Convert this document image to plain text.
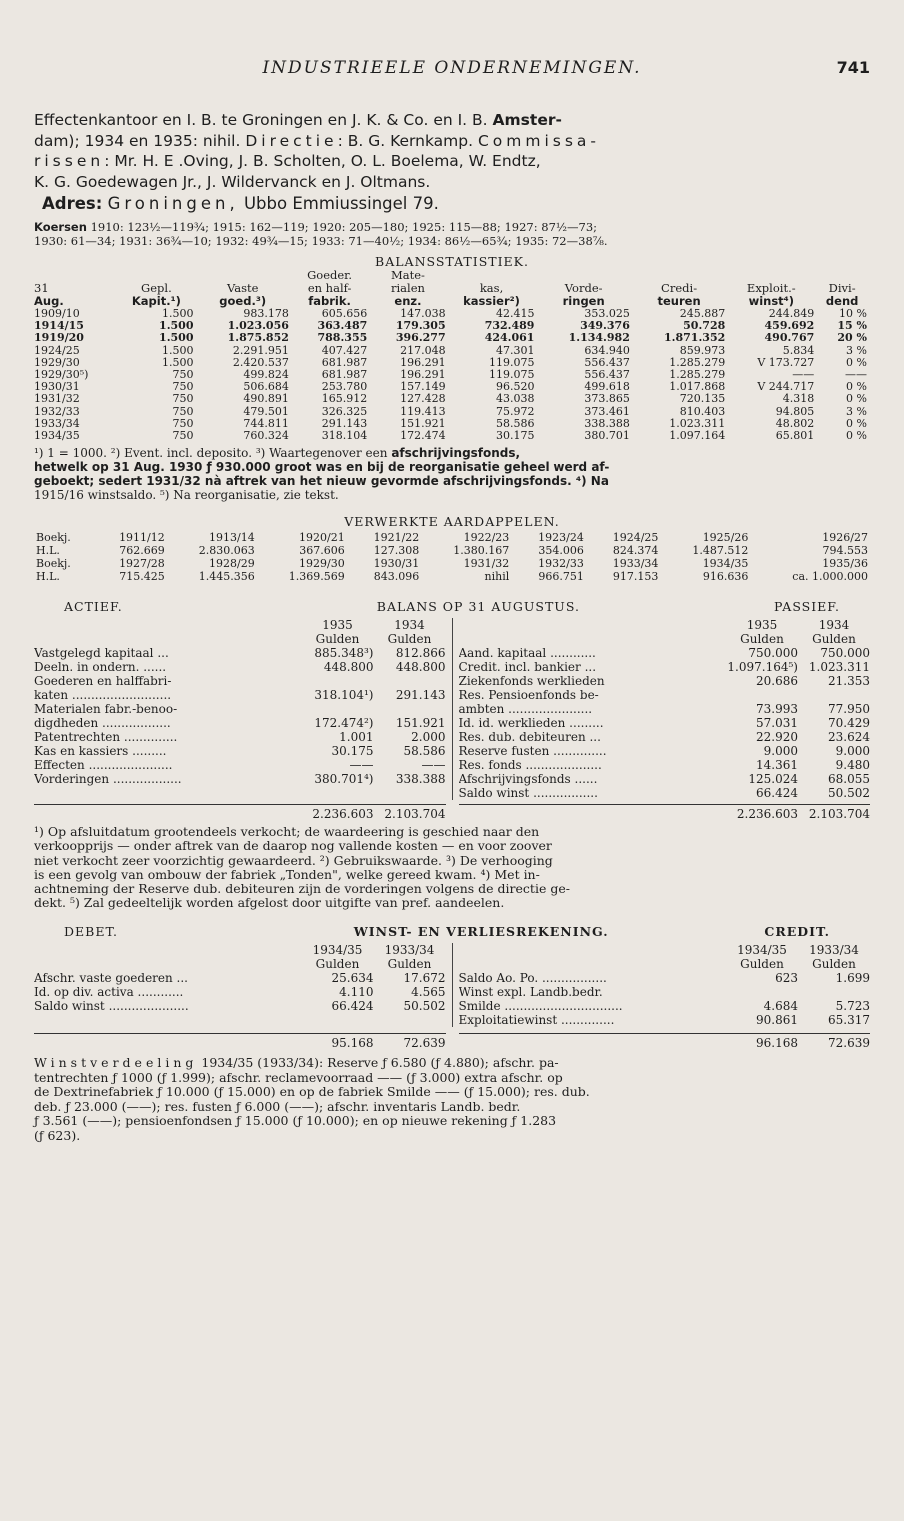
INDUSTRIEELE ONDERNEMINGEN.	741
Effectenkantoor en I. B. te Groningen en J. K. & Co. en I. B. Amster-
dam); 1934 en 1935: nihil. Directie: B. G. Kernkamp. Commissa-
rissen: Mr. H. E .Oving, J. B. Scholten, O. L. Boelema, W. Endtz,
K. G. Goedewagen Jr., J. Wildervanck en J. Oltmans.
Adres: Groningen, Ubbo Emmiussingel 79.
Koersen 1910: 123½—119¾; 1915: 162—119; 1920: 205—180; 1925: 115—88; 1927: 87½—73;
1930: 61—34; 1931: 36¾—10; 1932: 49¾—15; 1933: 71—40½; 1934: 86½—65¾; 1935: 72—38⅞.
BALANSSTATISTIEK.
			Goeder.	Mate-					
31	Gepl.	Vaste	en half-	rialen	kas,	Vorde-	Credi-	Exploit.-	Divi-
Aug.	Kapit.¹)	goed.³)	fabrik.	enz.	kassier²)	ringen	teuren	winst⁴)	dend
1909/10	1.500	983.178	605.656	147.038	42.415	353.025	245.887	244.849	10 %
1914/15	1.500	1.023.056	363.487	179.305	732.489	349.376	50.728	459.692	15 %
1919/20	1.500	1.875.852	788.355	396.277	424.061	1.134.982	1.871.352	490.767	20 %
1924/25	1.500	2.291.951	407.427	217.048	47.301	634.940	859.973	5.834	3 %
1929/30	1.500	2.420.537	681.987	196.291	119.075	556.437	1.285.279	V 173.727	0 %
1929/30⁵)	750	499.824	681.987	196.291	119.075	556.437	1.285.279	——	——
1930/31	750	506.684	253.780	157.149	96.520	499.618	1.017.868	V 244.717	0 %
1931/32	750	490.891	165.912	127.428	43.038	373.865	720.135	4.318	0 %
1932/33	750	479.501	326.325	119.413	75.972	373.461	810.403	94.805	3 %
1933/34	750	744.811	291.143	151.921	58.586	338.388	1.023.311	48.802	0 %
1934/35	750	760.324	318.104	172.474	30.175	380.701	1.097.164	65.801	0 %
¹) 1 = 1000. ²) Event. incl. deposito. ³) Waartegenover een afschrijvingsfonds,
hetwelk op 31 Aug. 1930 ƒ 930.000 groot was en bij de reorganisatie geheel werd af-
geboekt; sedert 1931/32 nà aftrek van het nieuw gevormde afschrijvingsfonds. ⁴) Na
1915/16 winstsaldo. ⁵) Na reorganisatie, zie tekst.
VERWERKTE AARDAPPELEN.
Boekj.	1911/12	1913/14	1920/21	1921/22	1922/23	1923/24	1924/25	1925/26	1926/27
H.L.	762.669	2.830.063	367.606	127.308	1.380.167	354.006	824.374	1.487.512	794.553
Boekj.	1927/28	1928/29	1929/30	1930/31	1931/32	1932/33	1933/34	1934/35	1935/36
H.L.	715.425	1.445.356	1.369.569	843.096	nihil	966.751	917.153	916.636	ca. 1.000.000
ACTIEF.	BALANS OP 31 AUGUSTUS.	PASSIEF.
	1935	1934
	Gulden	Gulden
Vastgelegd kapitaal ...	885.348³)	812.866
Deeln. in ondern. ......	448.800	448.800
Goederen en halffabri-		
katen ..........................	318.104¹)	291.143
Materialen fabr.-benoo-		
digdheden ..................	172.474²)	151.921
Patentrechten ..............	1.001	2.000
Kas en kassiers .........	30.175	58.586
Effecten ......................	——	——
Vorderingen ..................	380.701⁴)	338.388
	1935	1934
	Gulden	Gulden
Aand. kapitaal ............	750.000	750.000
Credit. incl. bankier ...	1.097.164⁵)	1.023.311
Ziekenfonds werklieden	20.686	21.353
Res. Pensioenfonds be-		
ambten ......................	73.993	77.950
Id. id. werklieden .........	57.031	70.429
Res. dub. debiteuren ...	22.920	23.624
Reserve fusten ..............	9.000	9.000
Res. fonds ....................	14.361	9.480
Afschrijvingsfonds ......	125.024	68.055
Saldo winst .................	66.424	50.502
	2.236.603	2.103.704
		2.236.603	2.103.704
¹) Op afsluitdatum grootendeels verkocht; de waardeering is geschied naar den
verkoopprijs — onder aftrek van de daarop nog vallende kosten — en voor zoover
niet verkocht zeer voorzichtig gewaardeerd. ²) Gebruikswaarde. ³) De verhooging
is een gevolg van ombouw der fabriek „Tonden", welke gereed kwam. ⁴) Met in-
achtneming der Reserve dub. debiteuren zijn de vorderingen volgens de directie ge-
dekt. ⁵) Zal gedeeltelijk worden afgelost door uitgifte van pref. aandeelen.
DEBET.	WINST- EN VERLIESREKENING.	CREDIT.
	1934/35	1933/34
	Gulden	Gulden
Afschr. vaste goederen ...	25.634	17.672
Id. op div. activa ............	4.110	4.565
Saldo winst .....................	66.424	50.502
	1934/35	1933/34
	Gulden	Gulden
Saldo Ao. Po. .................	623	1.699
Winst expl. Landb.bedr.		
Smilde ...............................	4.684	5.723
Exploitatiewinst ..............	90.861	65.317
	95.168	72.639
		96.168	72.639
Winstverdeeling 1934/35 (1933/34): Reserve ƒ 6.580 (ƒ 4.880); afschr. pa-
tentrechten ƒ 1000 (ƒ 1.999); afschr. reclamevoorraad —— (ƒ 3.000) extra afschr. op
de Dextrinefabriek ƒ 10.000 (ƒ 15.000) en op de fabriek Smilde —— (ƒ 15.000); res. dub.
deb. ƒ 23.000 (——); res. fusten ƒ 6.000 (——); afschr. inventaris Landb. bedr.
ƒ 3.561 (——); pensioenfondsen ƒ 15.000 (ƒ 10.000); en op nieuwe rekening ƒ 1.283
(ƒ 623).
